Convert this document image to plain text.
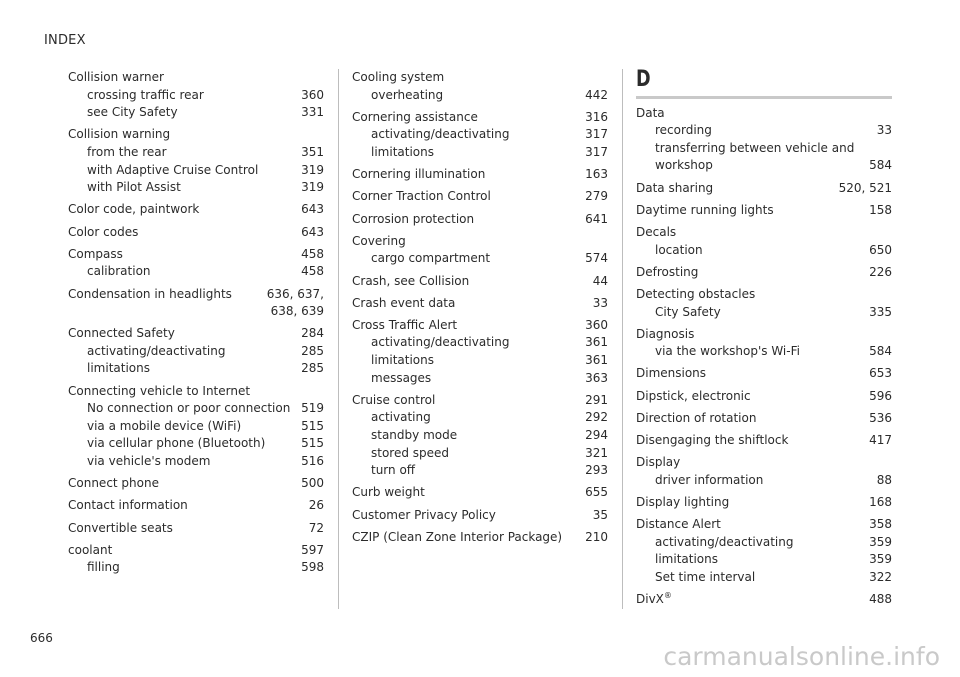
INDEX
Collision warner
crossing traffic rear	360
see City Safety	331
Collision warning
from the rear	351
with Adaptive Cruise Control	319
with Pilot Assist	319
Color code, paintwork	643
Color codes	643
Compass	458
calibration	458
Condensation in headlights	636, 637,
638, 639
Connected Safety	284
activating/deactivating	285
limitations	285
Connecting vehicle to Internet
No connection or poor connection 519
via a mobile device (WiFi)	515
via cellular phone (Bluetooth)	515
via vehicle's modem	516
Connect phone	500
Contact information	26
Convertible seats	72
coolant	597
filling	598
Cooling system
overheating	442
Cornering assistance	316
activating/deactivating	317
limitations	317
Cornering illumination	163
Corner Traction Control	279
Corrosion protection	641
Covering
cargo compartment	574
Crash, see Collision	44
Crash event data	33
Cross Traffic Alert	360
activating/deactivating	361
limitations	361
messages	363
Cruise control	291
activating	292
standby mode	294
stored speed	321
turn off	293
Curb weight	655
Customer Privacy Policy	35
CZIP (Clean Zone Interior Package)	210
D
Data
recording	33
transferring between vehicle and workshop	584
Data sharing	520, 521
Daytime running lights	158
Decals
location	650
Defrosting	226
Detecting obstacles
City Safety	335
Diagnosis
via the workshop's Wi-Fi	584
Dimensions	653
Dipstick, electronic	596
Direction of rotation	536
Disengaging the shiftlock	417
Display
driver information	88
Display lighting	168
Distance Alert	358
activating/deactivating	359
limitations	359
Set time interval	322
DivX®	488
666
carmanualsonline.info
